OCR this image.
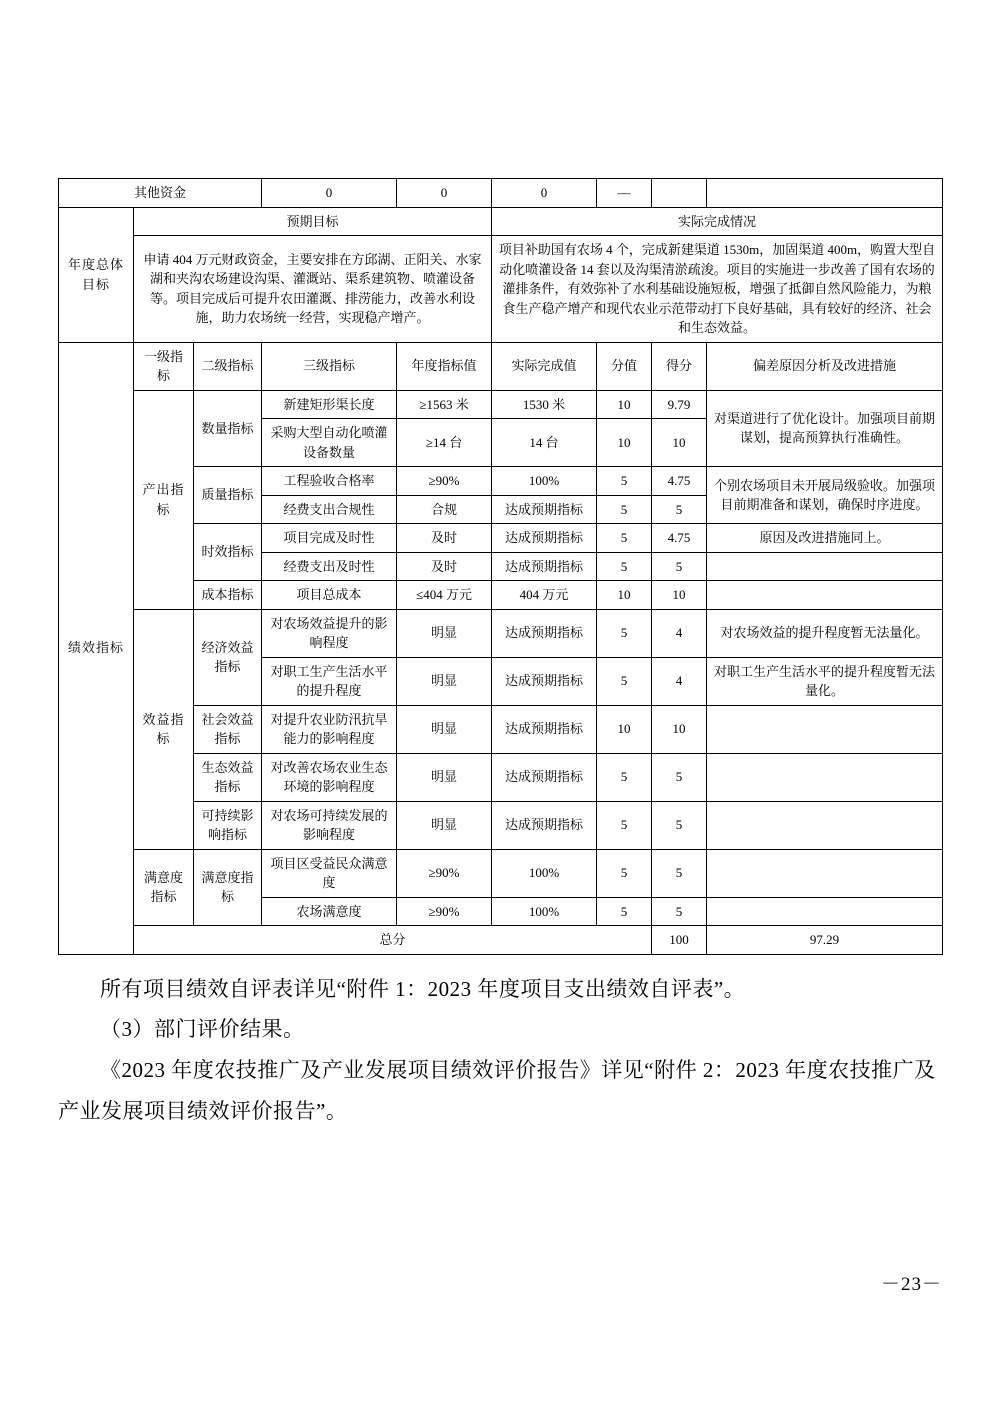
其他资金			0	0	0	—			
年度总体目标	预期目标				实际完成情况				
	申请 404 万元财政资金，主要安排在方邱湖、正阳关、水家湖和夹沟农场建设沟渠、灌溉站、渠系建筑物、喷灌设备等。项目完成后可提升农田灌溉、排涝能力，改善水利设施，助力农场统一经营，实现稳产增产。				项目补助国有农场 4 个，完成新建渠道 1530m，加固渠道 400m，购置大型自动化喷灌设备 14 套以及沟渠清淤疏浚。项目的实施进一步改善了国有农场的灌排条件，有效弥补了水利基础设施短板，增强了抵御自然风险能力，为粮食生产稳产增产和现代农业示范带动打下良好基础，具有较好的经济、社会和生态效益。				
绩效指标	一级指标	二级指标	三级指标	年度指标值	实际完成值	分值	得分	偏差原因分析及改进措施	
	产出指标	数量指标	新建矩形渠长度	≥1563 米	1530 米	10	9.79	对渠道进行了优化设计。加强项目前期谋划，提高预算执行准确性。	
			采购大型自动化喷灌设备数量	≥14 台	14 台	10	10		
		质量指标	工程验收合格率	≥90%	100%	5	4.75	个别农场项目未开展局级验收。加强项目前期准备和谋划，确保时序进度。	
			经费支出合规性	合规	达成预期指标	5	5		
		时效指标	项目完成及时性	及时	达成预期指标	5	4.75	原因及改进措施同上。	
			经费支出及时性	及时	达成预期指标	5	5		
		成本指标	项目总成本	≤404 万元	404 万元	10	10		
	效益指标	经济效益指标	对农场效益提升的影响程度	明显	达成预期指标	5	4	对农场效益的提升程度暂无法量化。	
			对职工生产生活水平的提升程度	明显	达成预期指标	5	4	对职工生产生活水平的提升程度暂无法量化。	
		社会效益指标	对提升农业防汛抗旱能力的影响程度	明显	达成预期指标	10	10		
		生态效益指标	对改善农场农业生态环境的影响程度	明显	达成预期指标	5	5		
		可持续影响指标	对农场可持续发展的影响程度	明显	达成预期指标	5	5		
	满意度指标	满意度指标	项目区受益民众满意度	≥90%	100%	5	5		
			农场满意度	≥90%	100%	5	5		
	总分						100	97.29	

所有项目绩效自评表详见“附件 1：2023 年度项目支出绩效自评表”。

（3）部门评价结果。

《2023 年度农技推广及产业发展项目绩效评价报告》详见“附件 2：2023 年度农技推广及产业发展项目绩效评价报告”。

－23－
